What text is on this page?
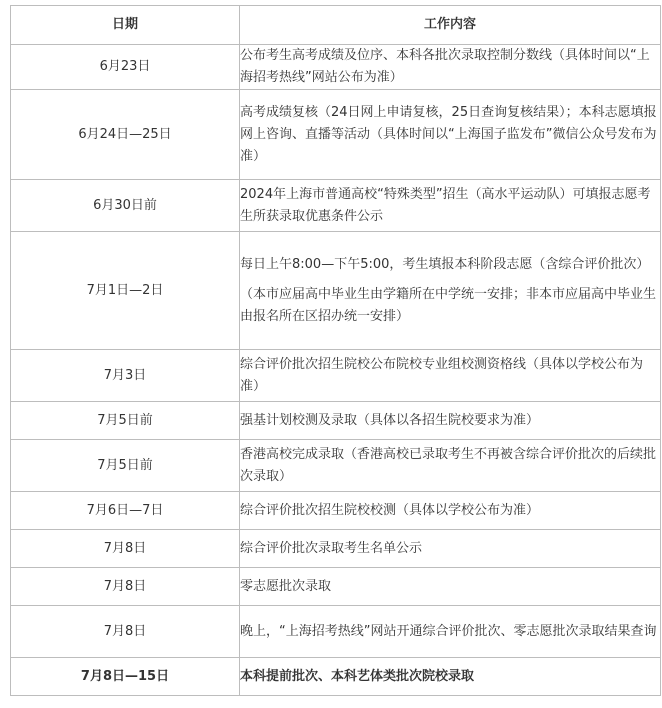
日期	工作内容
6月23日	公布考生高考成绩及位序、本科各批次录取控制分数线（具体时间以“上海招考热线”网站公布为准）

6月24日—25日	高考成绩复核（24日网上申请复核，25日查询复核结果）；本科志愿填报网上咨询、直播等活动（具体时间以“上海国子监发布”微信公众号发布为准）

6月30日前	2024年上海市普通高校“特殊类型”招生（高水平运动队）可填报志愿考生所获录取优惠条件公示

7月1日—2日	每日上午8:00—下午5:00，考生填报本科阶段志愿（含综合评价批次）

（本市应届高中毕业生由学籍所在中学统一安排；非本市应届高中毕业生由报名所在区招办统一安排）

7月3日	综合评价批次招生院校公布院校专业组校测资格线（具体以学校公布为准）

7月5日前	强基计划校测及录取（具体以各招生院校要求为准）

7月5日前	香港高校完成录取（香港高校已录取考生不再被含综合评价批次的后续批次录取）

7月6日—7日	综合评价批次招生院校校测（具体以学校公布为准）

7月8日	综合评价批次录取考生名单公示

7月8日	零志愿批次录取

7月8日	晚上，“上海招考热线”网站开通综合评价批次、零志愿批次录取结果查询

7月8日—15日	本科提前批次、本科艺体类批次院校录取
